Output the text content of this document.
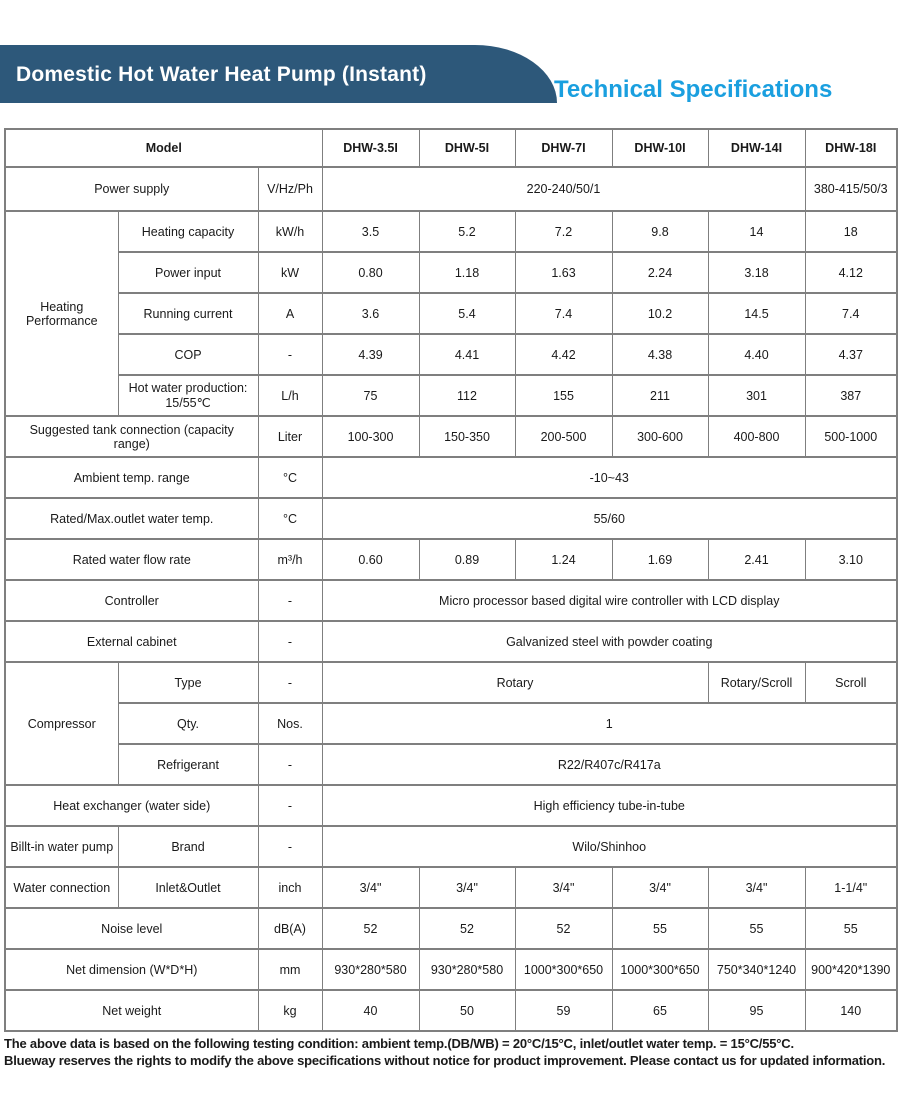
Domestic Hot Water Heat Pump (Instant)
Technical Specifications
Model			DHW-3.5I	DHW-5I	DHW-7I	DHW-10I	DHW-14I	DHW-18I
Power supply		V/Hz/Ph	220-240/50/1					380-415/50/3
Heating Performance	Heating capacity	kW/h	3.5	5.2	7.2	9.8	14	18
	Power input	kW	0.80	1.18	1.63	2.24	3.18	4.12
	Running current	A	3.6	5.4	7.4	10.2	14.5	7.4
	COP	-	4.39	4.41	4.42	4.38	4.40	4.37
	Hot water production: 15/55℃	L/h	75	112	155	211	301	387
Suggested tank connection (capacity range)		Liter	100-300	150-350	200-500	300-600	400-800	500-1000
Ambient temp. range		°C	-10~43					
Rated/Max.outlet water temp.		°C	55/60					
Rated water flow rate		m³/h	0.60	0.89	1.24	1.69	2.41	3.10
Controller		-	Micro processor based digital wire controller with LCD display					
External cabinet		-	Galvanized steel with powder coating					
Compressor	Type	-	Rotary				Rotary/Scroll	Scroll
	Qty.	Nos.	1					
	Refrigerant	-	R22/R407c/R417a					
Heat exchanger (water side)		-	High efficiency tube-in-tube					
Billt-in water pump	Brand	-	Wilo/Shinhoo					
Water connection	Inlet&Outlet	inch	3/4"	3/4"	3/4"	3/4"	3/4"	1-1/4"
Noise level		dB(A)	52	52	52	55	55	55
Net dimension (W*D*H)		mm	930*280*580	930*280*580	1000*300*650	1000*300*650	750*340*1240	900*420*1390
Net weight		kg	40	50	59	65	95	140
The above data is based on the following testing condition: ambient temp.(DB/WB) = 20°C/15°C, inlet/outlet water temp. = 15°C/55°C.
Blueway reserves the rights to modify the above specifications without notice for product improvement. Please contact us for updated information.
